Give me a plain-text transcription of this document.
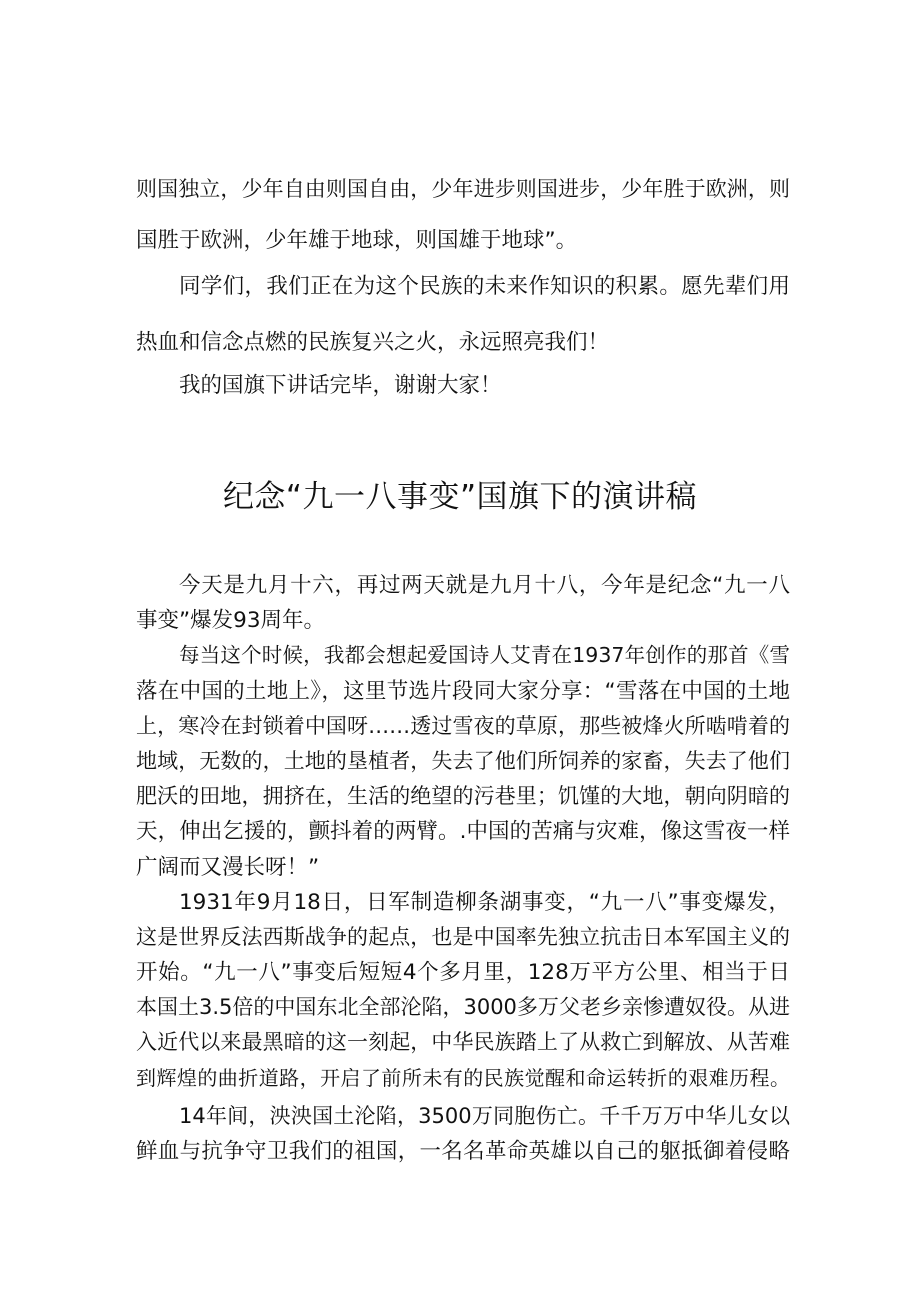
则国独立，少年自由则国自由，少年进步则国进步，少年胜于欧洲，则
国胜于欧洲，少年雄于地球，则国雄于地球”。
同学们，我们正在为这个民族的未来作知识的积累。愿先辈们用
热血和信念点燃的民族复兴之火，永远照亮我们！
我的国旗下讲话完毕，谢谢大家！
纪念“九一八事变”国旗下的演讲稿
今天是九月十六，再过两天就是九月十八，今年是纪念“九一八
事变”爆发93周年。
每当这个时候，我都会想起爱国诗人艾青在1937年创作的那首《雪
落在中国的土地上》，这里节选片段同大家分享：“雪落在中国的土地
上，寒冷在封锁着中国呀……透过雪夜的草原，那些被烽火所啮啃着的
地域，无数的，土地的垦植者，失去了他们所饲养的家畜，失去了他们
肥沃的田地，拥挤在，生活的绝望的污巷里；饥馑的大地，朝向阴暗的
天，伸出乞援的，颤抖着的两臂。.中国的苦痛与灾难，像这雪夜一样
广阔而又漫长呀！”
1931年9月18日，日军制造柳条湖事变，“九一八”事变爆发，
这是世界反法西斯战争的起点，也是中国率先独立抗击日本军国主义的
开始。“九一八”事变后短短4个多月里，128万平方公里、相当于日
本国土3.5倍的中国东北全部沦陷，3000多万父老乡亲惨遭奴役。从进
入近代以来最黑暗的这一刻起，中华民族踏上了从救亡到解放、从苦难
到辉煌的曲折道路，开启了前所未有的民族觉醒和命运转折的艰难历程。
14年间，泱泱国土沦陷，3500万同胞伤亡。千千万万中华儿女以
鲜血与抗争守卫我们的祖国，一名名革命英雄以自己的躯抵御着侵略
